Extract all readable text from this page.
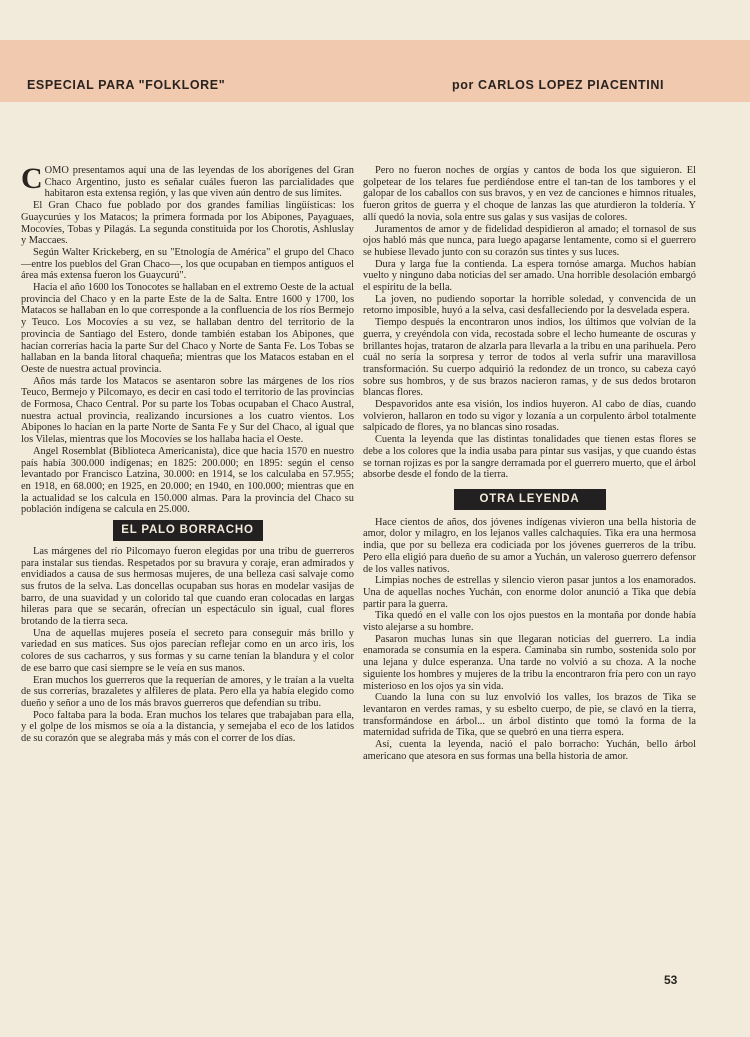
ESPECIAL PARA "FOLKLORE"	por CARLOS LOPEZ PIACENTINI

COMO presentamos aquí una de las leyendas de los aborígenes del Gran Chaco Argentino, justo es señalar cuáles fueron las parcialidades que habitaron esta extensa región, y las que viven aún dentro de sus límites.

El Gran Chaco fue poblado por dos grandes familias lingüísticas: los Guaycurúes y los Matacos; la primera formada por los Abipones, Payaguaes, Mocovíes, Tobas y Pilagás. La segunda constituida por los Chorotis, Ashluslay y Maccaes.

Según Walter Krickeberg, en su "Etnología de América" el grupo del Chaco —entre los pueblos del Gran Chaco—, los que ocupaban en tiempos antiguos el área más extensa fueron los Guaycurú".

Hacia el año 1600 los Tonocotes se hallaban en el extremo Oeste de la actual provincia del Chaco y en la parte Este de la de Salta. Entre 1600 y 1700, los Matacos se hallaban en lo que corresponde a la confluencia de los ríos Bermejo y Teuco. Los Mocovíes a su vez, se hallaban dentro del territorio de la provincia de Santiago del Estero, donde también estaban los Abipones, que hacían correrías hacia la parte Sur del Chaco y Norte de Santa Fe. Los Tobas se hallaban en la banda litoral chaqueña; mientras que los Matacos estaban en el Oeste de nuestra actual provincia.

Años más tarde los Matacos se asentaron sobre las márgenes de los ríos Teuco, Bermejo y Pilcomayo, es decir en casi todo el territorio de las provincias de Formosa, Chaco Central. Por su parte los Tobas ocupaban el Chaco Austral, nuestra actual provincia, realizando incursiones a los cuatro vientos. Los Abipones lo hacían en la parte Norte de Santa Fe y Sur del Chaco, al igual que los Vilelas, mientras que los Mocovíes se los hallaba hacia el Oeste.

Angel Rosemblat (Biblioteca Americanista), dice que hacia 1570 en nuestro país había 300.000 indígenas; en 1825: 200.000; en 1895: según el censo levantado por Francisco Latzina, 30.000: en 1914, se los calculaba en 57.955; en 1918, en 68.000; en 1925, en 20.000; en 1940, en 100.000; mientras que en la actualidad se los calcula en 150.000 almas. Para la provincia del Chaco su población indígena se calcula en 25.000.

EL PALO BORRACHO

Las márgenes del río Pilcomayo fueron elegidas por una tribu de guerreros para instalar sus tiendas. Respetados por su bravura y coraje, eran admirados y envidiados a causa de sus hermosas mujeres, de una belleza casi salvaje como sus frutos de la selva. Las doncellas ocupaban sus horas en modelar vasijas de barro, de una suavidad y un colorido tal que cuando eran colocadas en largas hileras para que se secarán, ofrecían un espectáculo sin igual, cual flores brotando de la tierra seca.

Una de aquellas mujeres poseía el secreto para conseguir más brillo y variedad en sus matices. Sus ojos parecían reflejar como en un arco iris, los colores de sus cacharros, y sus formas y su carne tenían la blandura y el color de ese barro que casi siempre se le veía en sus manos.

Eran muchos los guerreros que la requerían de amores, y le traían a la vuelta de sus correrías, brazaletes y alfileres de plata. Pero ella ya había elegido como dueño y señor a uno de los más bravos guerreros que defendían su tribu.

Poco faltaba para la boda. Eran muchos los telares que trabajaban para ella, y el golpe de los mismos se oía a la distancia, y semejaba el eco de los latidos de su corazón que se alegraba más y más con el correr de los días.

Pero no fueron noches de orgías y cantos de boda los que siguieron. El golpetear de los telares fue perdiéndose entre el tan-tan de los tambores y el galopar de los caballos con sus bravos, y en vez de canciones e himnos rituales, fueron gritos de guerra y el choque de lanzas las que aturdieron la toldería. Y allí quedó la novia, sola entre sus galas y sus vasijas de colores.

Juramentos de amor y de fidelidad despidieron al amado; el tornasol de sus ojos habló más que nunca, para luego apagarse lentamente, como si el guerrero se hubiese llevado junto con su corazón sus tintes y sus luces.

Dura y larga fue la contienda. La espera tornóse amarga. Muchos habían vuelto y ninguno daba noticias del ser amado. Una horrible desolación embargó el espíritu de la bella.

La joven, no pudiendo soportar la horrible soledad, y convencida de un retorno imposible, huyó a la selva, casi desfalleciendo por la desvelada espera.

Tiempo después la encontraron unos indios, los últimos que volvían de la guerra, y creyéndola con vida, recostada sobre el lecho humeante de oscuras y brillantes hojas, trataron de alzarla para llevarla a la tribu en una parihuela. Pero cuál no sería la sorpresa y terror de todos al verla sufrir una maravillosa transformación. Su cuerpo adquirió la redondez de un tronco, su cabeza cayó sobre sus hombros, y de sus brazos nacieron ramas, y de sus dedos brotaron blancas flores.

Despavoridos ante esa visión, los indios huyeron. Al cabo de días, cuando volvieron, hallaron en todo su vigor y lozanía a un corpulento árbol totalmente salpicado de flores, ya no blancas sino rosadas.

Cuenta la leyenda que las distintas tonalidades que tienen estas flores se debe a los colores que la india usaba para pintar sus vasijas, y que cuando éstas se tornan rojizas es por la sangre derramada por el guerrero muerto, que el árbol absorbe desde el fondo de la tierra.

OTRA LEYENDA

Hace cientos de años, dos jóvenes indígenas vivieron una bella historia de amor, dolor y milagro, en los lejanos valles calchaquíes. Tika era una hermosa india, que por su belleza era codiciada por los jóvenes guerreros de la tribu. Pero ella eligió para dueño de su amor a Yuchán, un valeroso guerrero defensor de los valles nativos.

Limpias noches de estrellas y silencio vieron pasar juntos a los enamorados. Una de aquellas noches Yuchán, con enorme dolor anunció a Tika que debía partir para la guerra.

Tika quedó en el valle con los ojos puestos en la montaña por donde había visto alejarse a su hombre.

Pasaron muchas lunas sin que llegaran noticias del guerrero. La india enamorada se consumía en la espera. Caminaba sin rumbo, sostenida solo por una lejana y dulce esperanza. Una tarde no volvió a su choza. A la noche siguiente los hombres y mujeres de la tribu la encontraron fría pero con un rayo misterioso en los ojos ya sin vida.

Cuando la luna con su luz envolvió los valles, los brazos de Tika se levantaron en verdes ramas, y su esbelto cuerpo, de pie, se clavó en la tierra, transformándose en árbol... un árbol distinto que tomó la forma de la maternidad sufrida de Tika, que se quebró en una tierra espera.

Así, cuenta la leyenda, nació el palo borracho: Yuchán, bello árbol americano que atesora en sus formas una bella historia de amor.

53
